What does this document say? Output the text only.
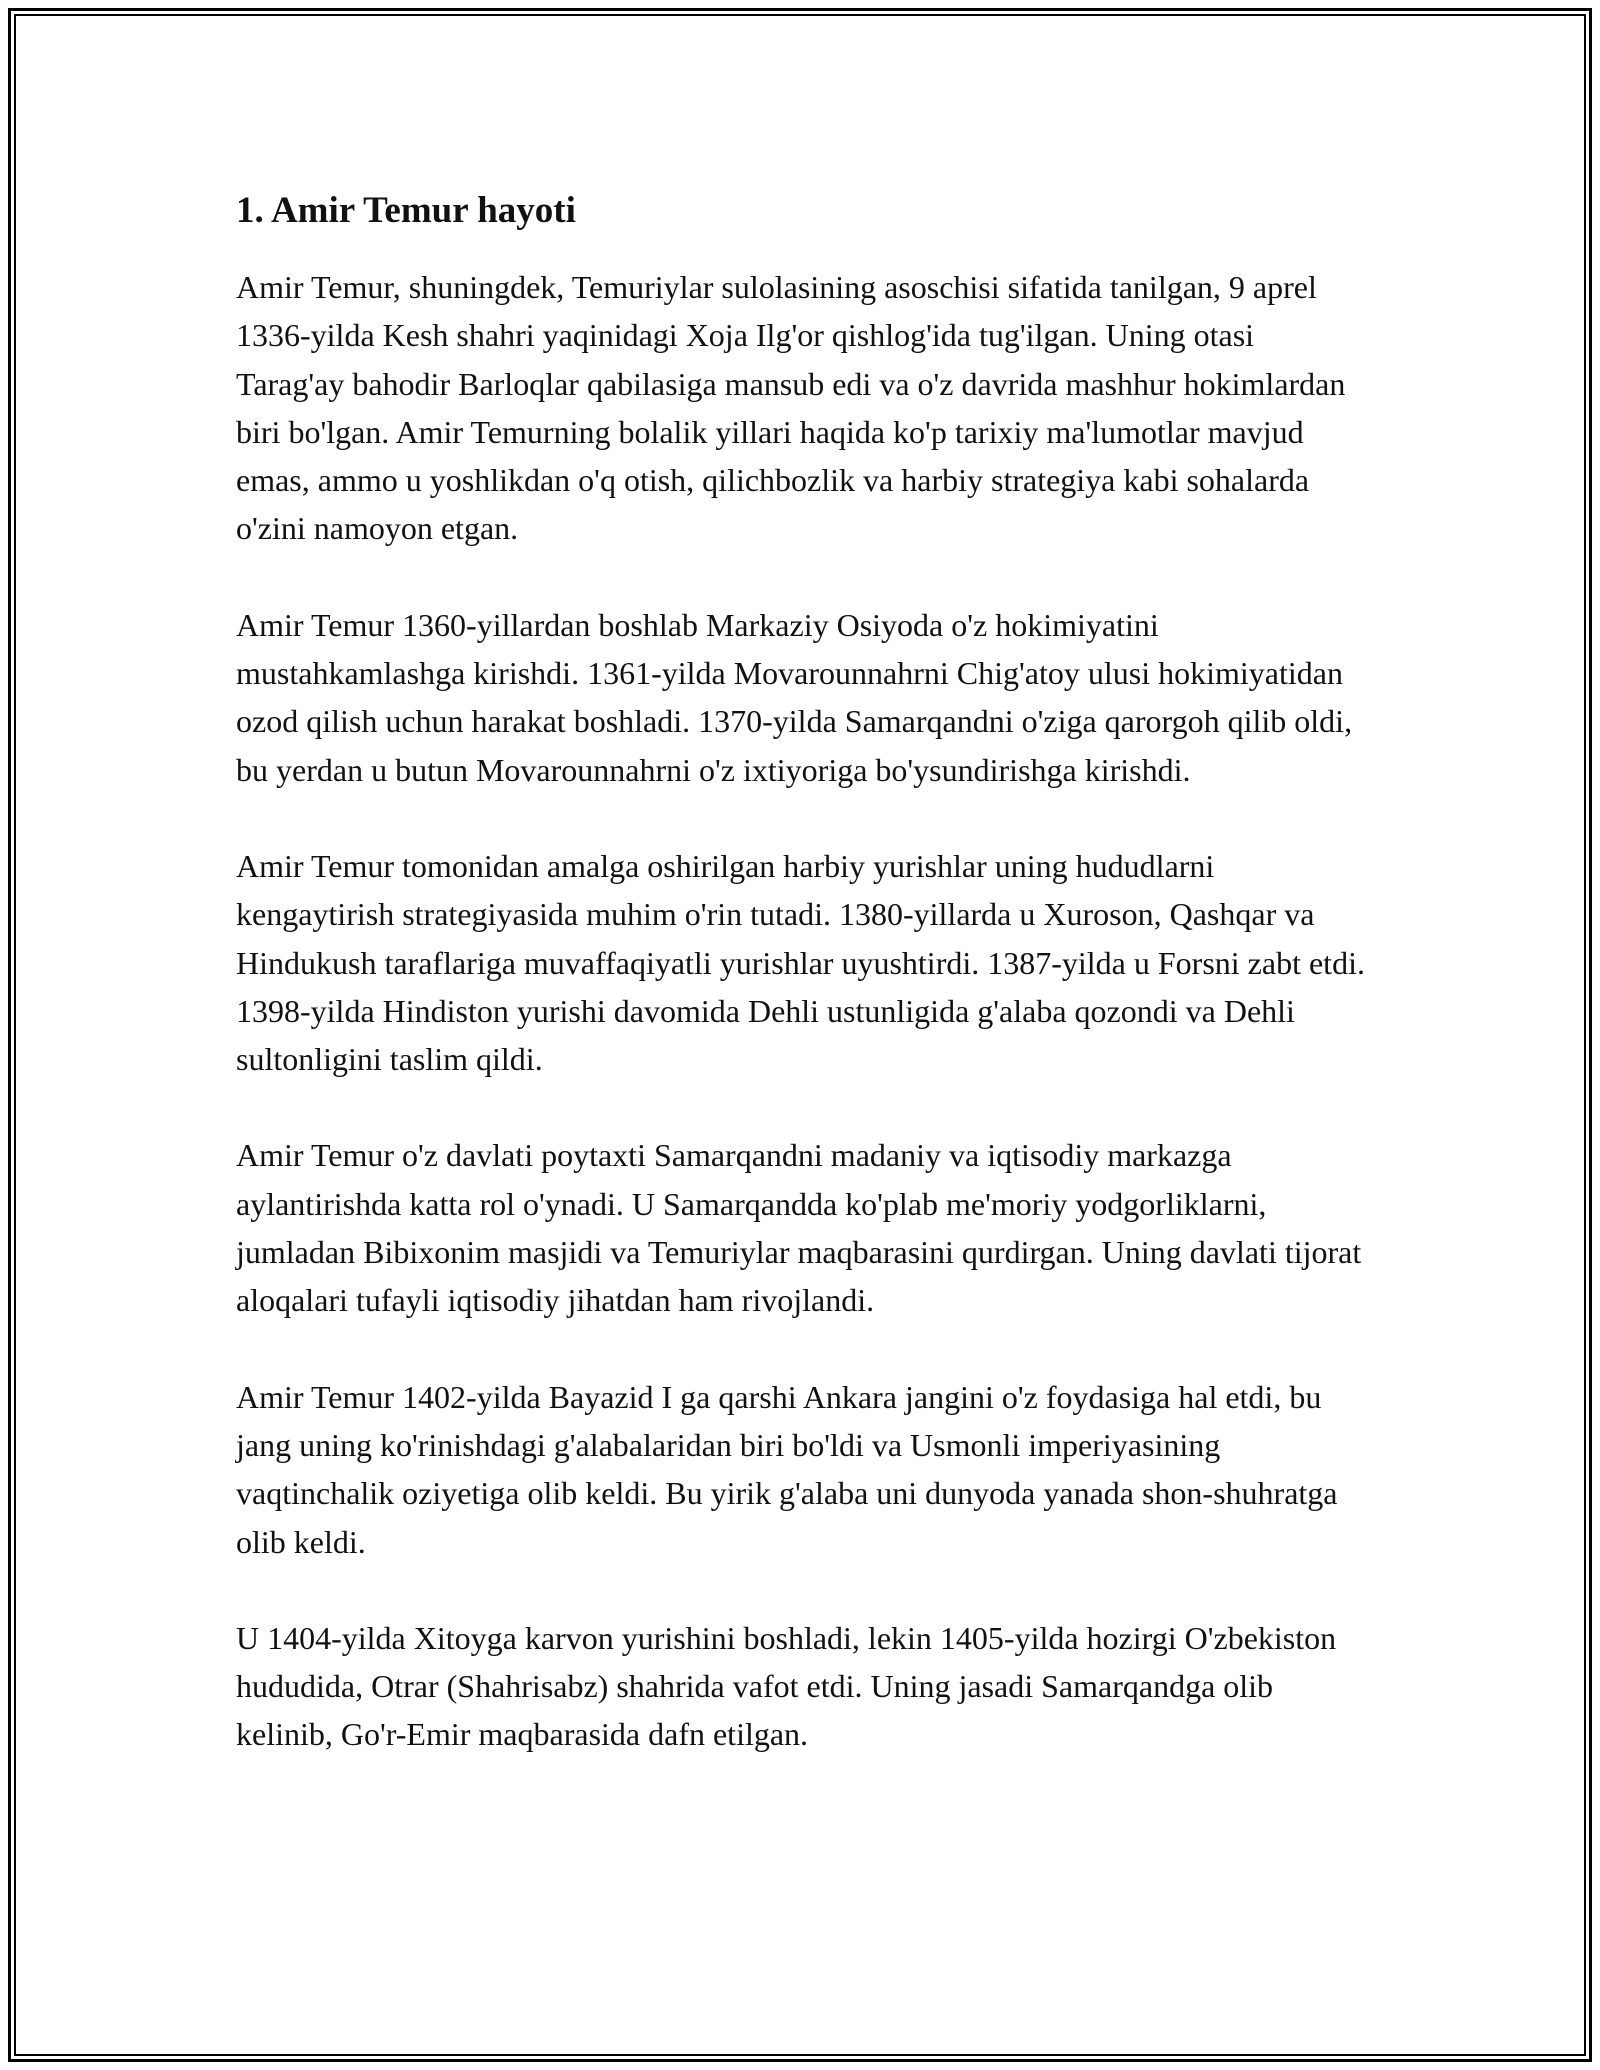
1. Amir Temur hayoti

Amir Temur, shuningdek, Temuriylar sulolasining asoschisi sifatida tanilgan, 9 aprel 1336-yilda Kesh shahri yaqinidagi Xoja Ilg'or qishlog'ida tug'ilgan. Uning otasi Tarag'ay bahodir Barloqlar qabilasiga mansub edi va o'z davrida mashhur hokimlardan biri bo'lgan. Amir Temurning bolalik yillari haqida ko'p tarixiy ma'lumotlar mavjud emas, ammo u yoshlikdan o'q otish, qilichbozlik va harbiy strategiya kabi sohalarda o'zini namoyon etgan.

Amir Temur 1360-yillardan boshlab Markaziy Osiyoda o'z hokimiyatini mustahkamlashga kirishdi. 1361-yilda Movarounnahrni Chig'atoy ulusi hokimiyatidan ozod qilish uchun harakat boshladi. 1370-yilda Samarqandni o'ziga qarorgoh qilib oldi, bu yerdan u butun Movarounnahrni o'z ixtiyoriga bo'ysundirishga kirishdi.

Amir Temur tomonidan amalga oshirilgan harbiy yurishlar uning hududlarni kengaytirish strategiyasida muhim o'rin tutadi. 1380-yillarda u Xuroson, Qashqar va Hindukush taraflariga muvaffaqiyatli yurishlar uyushtirdi. 1387-yilda u Forsni zabt etdi. 1398-yilda Hindiston yurishi davomida Dehli ustunligida g'alaba qozondi va Dehli sultonligini taslim qildi.

Amir Temur o'z davlati poytaxti Samarqandni madaniy va iqtisodiy markazga aylantirishda katta rol o'ynadi. U Samarqandda ko'plab me'moriy yodgorliklarni, jumladan Bibixonim masjidi va Temuriylar maqbarasini qurdirgan. Uning davlati tijorat aloqalari tufayli iqtisodiy jihatdan ham rivojlandi.

Amir Temur 1402-yilda Bayazid I ga qarshi Ankara jangini o'z foydasiga hal etdi, bu jang uning ko'rinishdagi g'alabalaridan biri bo'ldi va Usmonli imperiyasining vaqtinchalik oziyetiga olib keldi. Bu yirik g'alaba uni dunyoda yanada shon-shuhratga olib keldi.

U 1404-yilda Xitoyga karvon yurishini boshladi, lekin 1405-yilda hozirgi O'zbekiston hududida, Otrar (Shahrisabz) shahrida vafot etdi. Uning jasadi Samarqandga olib kelinib, Go'r-Emir maqbarasida dafn etilgan.
